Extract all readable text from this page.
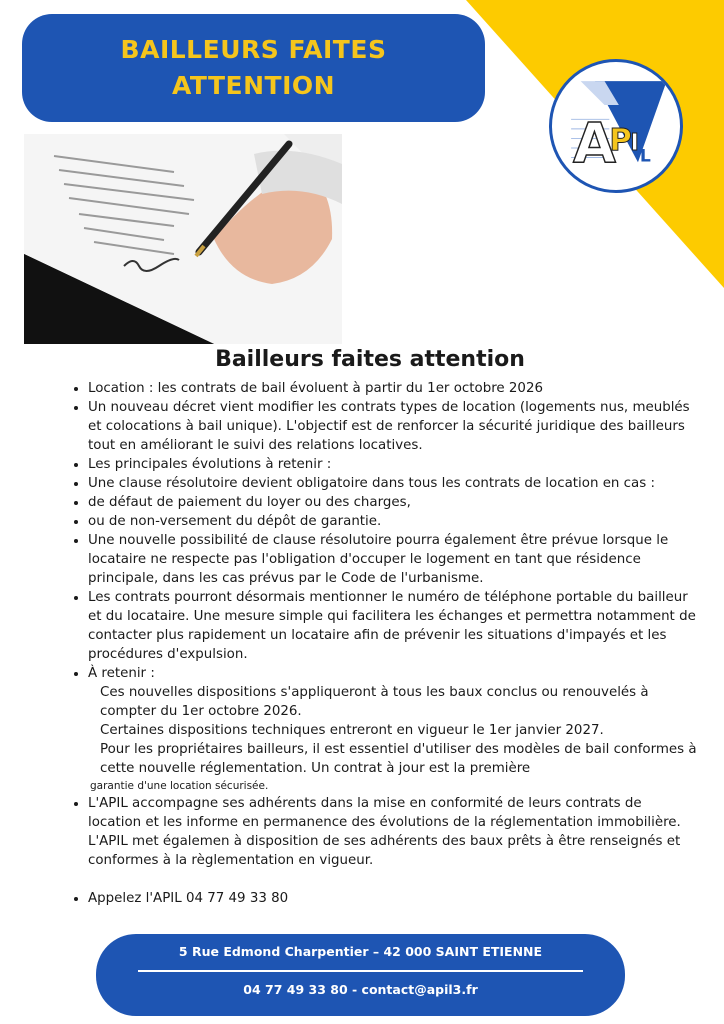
BAILLEURS FAITES
ATTENTION
A
P
I
L
Bailleurs faites attention
• Location : les contrats de bail évoluent à partir du 1er octobre 2026
• Un nouveau décret vient modifier les contrats types de location (logements nus, meublés et colocations à bail unique). L'objectif est de renforcer la sécurité juridique des bailleurs tout en améliorant le suivi des relations locatives.
• Les principales évolutions à retenir :
• Une clause résolutoire devient obligatoire dans tous les contrats de location en cas :
• de défaut de paiement du loyer ou des charges,
• ou de non-versement du dépôt de garantie.
• Une nouvelle possibilité de clause résolutoire pourra également être prévue lorsque le locataire ne respecte pas l'obligation d'occuper le logement en tant que résidence principale, dans les cas prévus par le Code de l'urbanisme.
• Les contrats pourront désormais mentionner le numéro de téléphone portable du bailleur et du locataire. Une mesure simple qui facilitera les échanges et permettra notamment de contacter plus rapidement un locataire afin de prévenir les situations d'impayés et les procédures d'expulsion.
• À retenir :
Ces nouvelles dispositions s'appliqueront à tous les baux conclus ou renouvelés à compter du 1er octobre 2026.
Certaines dispositions techniques entreront en vigueur le 1er janvier 2027.
Pour les propriétaires bailleurs, il est essentiel d'utiliser des modèles de bail conformes à cette nouvelle réglementation. Un contrat à jour est la première
garantie d'une location sécurisée.
• L'APIL accompagne ses adhérents dans la mise en conformité de leurs contrats de location et les informe en permanence des évolutions de la réglementation immobilière. L'APIL met égalemen à disposition de ses adhérents des baux prêts à être renseignés et conformes à la règlementation en vigueur.
• Appelez l'APIL 04 77 49 33 80
5 Rue Edmond Charpentier – 42 000 SAINT ETIENNE
04 77 49 33 80 - contact@apil3.fr
